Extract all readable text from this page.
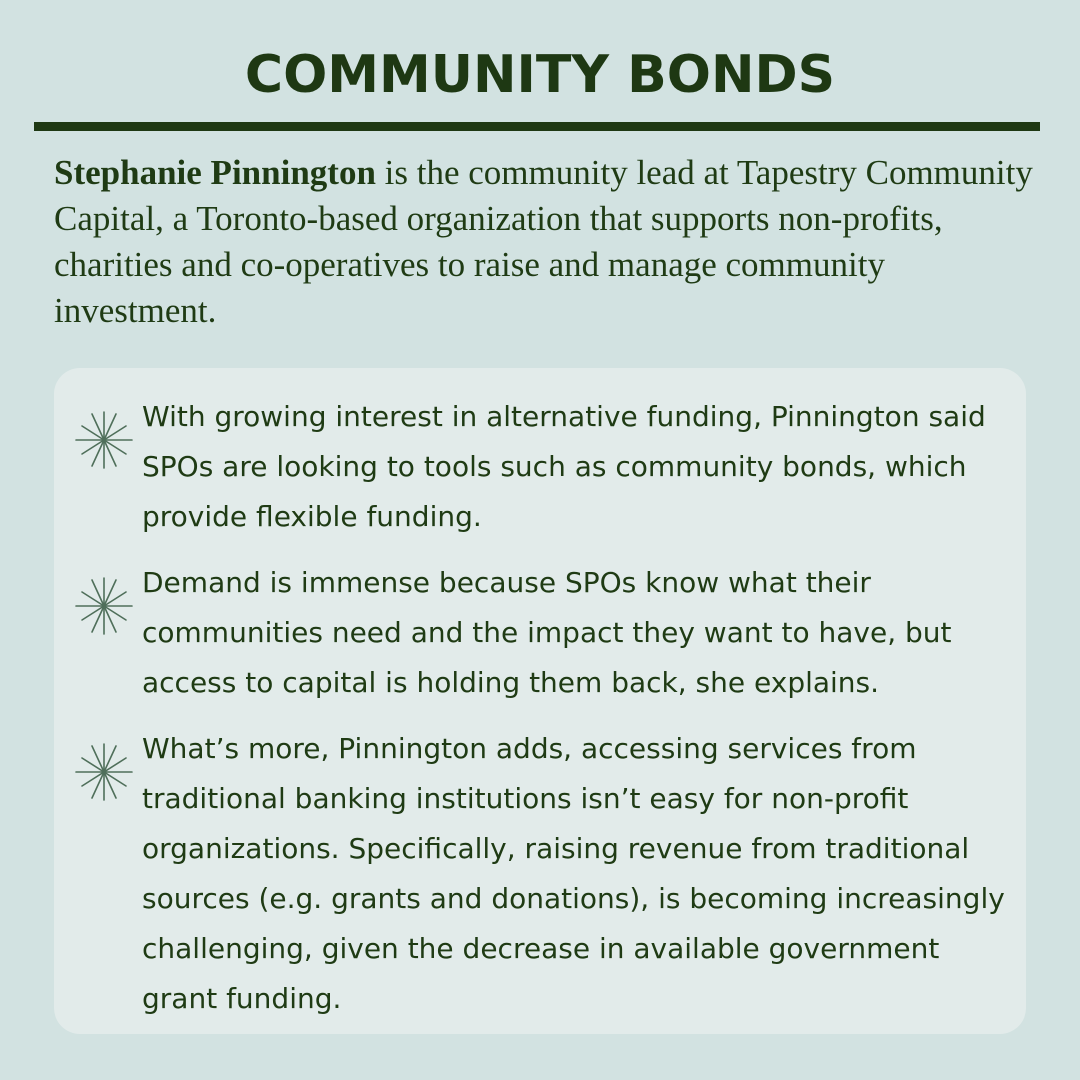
COMMUNITY BONDS

Stephanie Pinnington is the community lead at Tapestry Community Capital, a Toronto-based organization that supports non-profits, charities and co-operatives to raise and manage community investment.

With growing interest in alternative funding, Pinnington said SPOs are looking to tools such as community bonds, which provide flexible funding.

Demand is immense because SPOs know what their communities need and the impact they want to have, but access to capital is holding them back, she explains.

What’s more, Pinnington adds, accessing services from traditional banking institutions isn’t easy for non-profit organizations. Specifically, raising revenue from traditional sources (e.g. grants and donations), is becoming increasingly challenging, given the decrease in available government grant funding.
